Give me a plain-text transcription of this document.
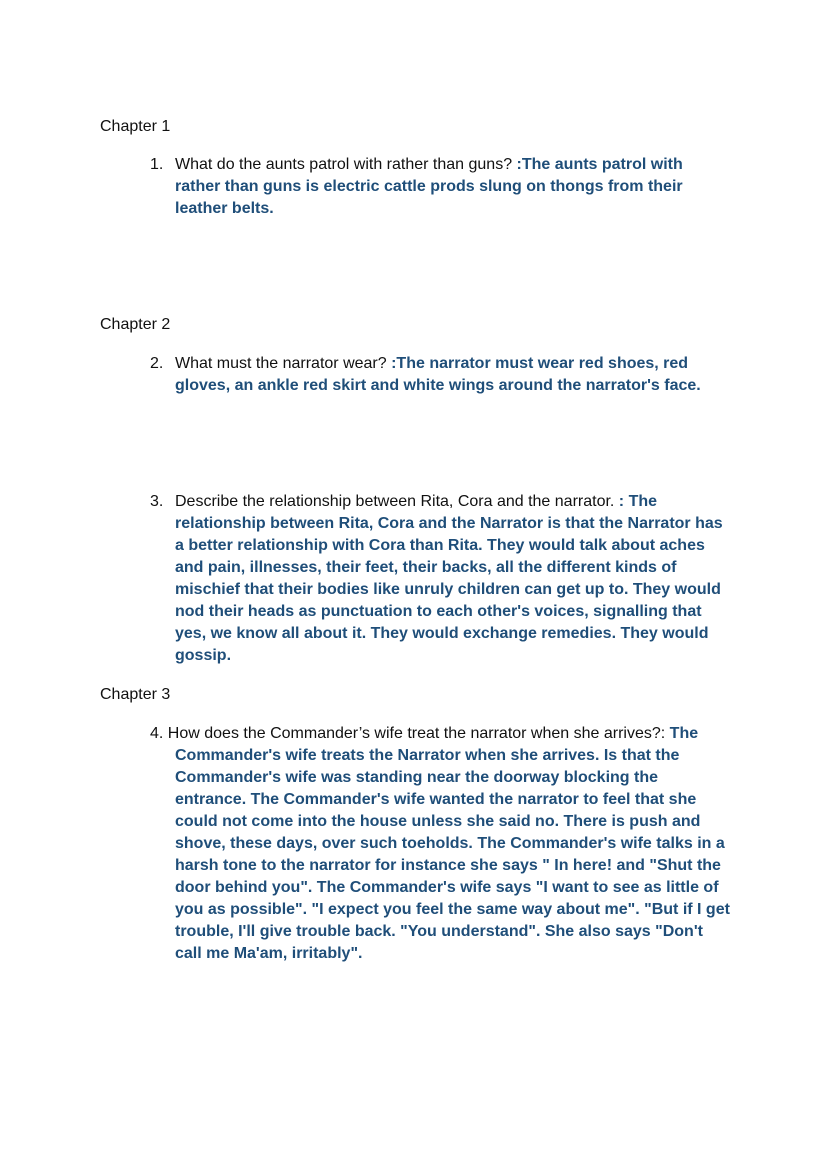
Chapter 1
1. What do the aunts patrol with rather than guns? :The aunts patrol with rather than guns is electric cattle prods slung on thongs from their leather belts.
Chapter 2
2. What must the narrator wear? :The narrator must wear red shoes, red gloves, an ankle red skirt and white wings around the narrator's face.
3. Describe the relationship between Rita, Cora and the narrator. : The relationship between Rita, Cora and the Narrator is that the Narrator has a better relationship with Cora than Rita. They would talk about aches and pain, illnesses, their feet, their backs, all the different kinds of mischief that their bodies like unruly children can get up to. They would nod their heads as punctuation to each other's voices, signalling that yes, we know all about it. They would exchange remedies. They would gossip.
Chapter 3
4. How does the Commander’s wife treat the narrator when she arrives?: The Commander's wife treats the Narrator when she arrives. Is that the Commander's wife was standing near the doorway blocking the entrance. The Commander's wife wanted the narrator to feel that she could not come into the house unless she said no. There is push and shove, these days, over such toeholds. The Commander's wife talks in a harsh tone to the narrator for instance she says " In here! and "Shut the door behind you". The Commander's wife says "I want to see as little of you as possible". "I expect you feel the same way about me". "But if I get trouble, I'll give trouble back. "You understand". She also says "Don't call me Ma'am, irritably".
